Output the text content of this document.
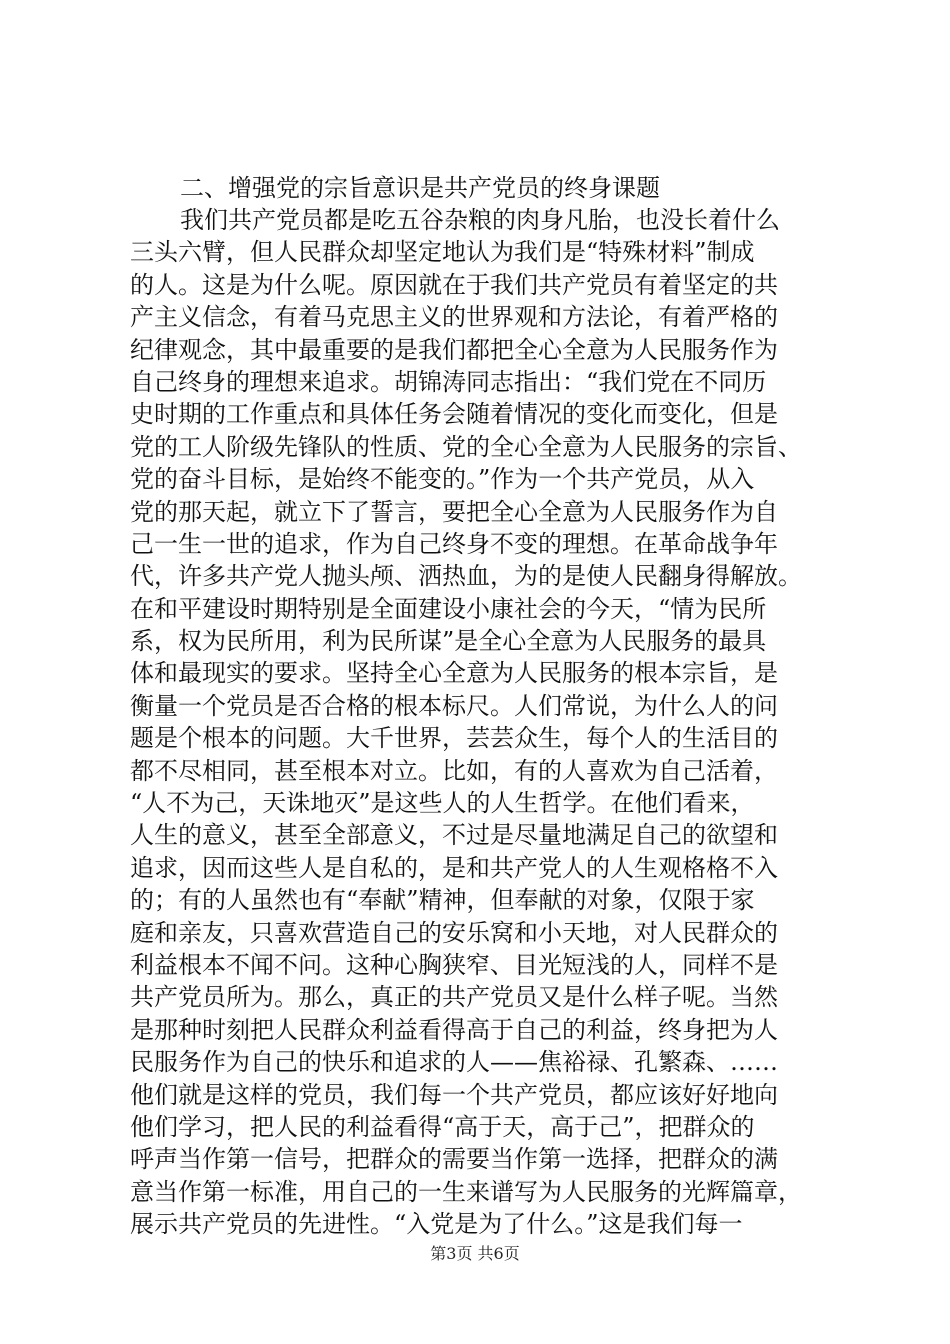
二、增强党的宗旨意识是共产党员的终身课题
我们共产党员都是吃五谷杂粮的肉身凡胎，也没长着什么
三头六臂，但人民群众却坚定地认为我们是“特殊材料”制成
的人。这是为什么呢。原因就在于我们共产党员有着坚定的共
产主义信念，有着马克思主义的世界观和方法论，有着严格的
纪律观念，其中最重要的是我们都把全心全意为人民服务作为
自己终身的理想来追求。胡锦涛同志指出：“我们党在不同历
史时期的工作重点和具体任务会随着情况的变化而变化，但是
党的工人阶级先锋队的性质、党的全心全意为人民服务的宗旨、
党的奋斗目标，是始终不能变的。”作为一个共产党员，从入
党的那天起，就立下了誓言，要把全心全意为人民服务作为自
己一生一世的追求，作为自己终身不变的理想。在革命战争年
代，许多共产党人抛头颅、洒热血，为的是使人民翻身得解放。
在和平建设时期特别是全面建设小康社会的今天，“情为民所
系，权为民所用，利为民所谋”是全心全意为人民服务的最具
体和最现实的要求。坚持全心全意为人民服务的根本宗旨，是
衡量一个党员是否合格的根本标尺。人们常说，为什么人的问
题是个根本的问题。大千世界，芸芸众生，每个人的生活目的
都不尽相同，甚至根本对立。比如，有的人喜欢为自己活着，
“人不为己，天诛地灭”是这些人的人生哲学。在他们看来，
人生的意义，甚至全部意义，不过是尽量地满足自己的欲望和
追求，因而这些人是自私的，是和共产党人的人生观格格不入
的；有的人虽然也有“奉献”精神，但奉献的对象，仅限于家
庭和亲友，只喜欢营造自己的安乐窝和小天地，对人民群众的
利益根本不闻不问。这种心胸狭窄、目光短浅的人，同样不是
共产党员所为。那么，真正的共产党员又是什么样子呢。当然
是那种时刻把人民群众利益看得高于自己的利益，终身把为人
民服务作为自己的快乐和追求的人——焦裕禄、孔繁森、……
他们就是这样的党员，我们每一个共产党员，都应该好好地向
他们学习，把人民的利益看得“高于天，高于己”，把群众的
呼声当作第一信号，把群众的需要当作第一选择，把群众的满
意当作第一标准，用自己的一生来谱写为人民服务的光辉篇章，
展示共产党员的先进性。“入党是为了什么。”这是我们每一
第3页 共6页
